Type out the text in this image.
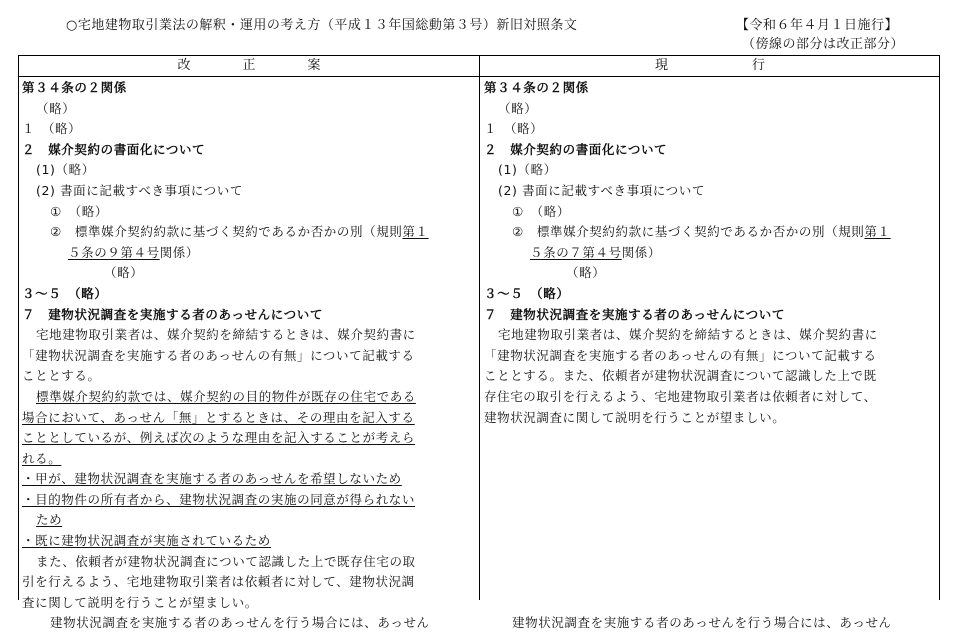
○宅地建物取引業法の解釈・運用の考え方（平成１３年国総動第３号）新旧対照条文	【令和６年４月１日施行】
（傍線の部分は改正部分）
改正案	現行
第３４条の２関係
（略）
１　（略）
２　媒介契約の書面化について
(1)（略）
(2) 書面に記載すべき事項について
①　（略）
②　標準媒介契約約款に基づく契約であるか否かの別（規則第１
５条の９第４号関係）
（略）
３～５　（略）
７　建物状況調査を実施する者のあっせんについて
宅地建物取引業者は、媒介契約を締結するときは、媒介契約書に
「建物状況調査を実施する者のあっせんの有無」について記載する
こととする。
標準媒介契約約款では、媒介契約の目的物件が既存の住宅である
場合において、あっせん「無」とするときは、その理由を記入する
こととしているが、例えば次のような理由を記入することが考えら
れる。
・甲が、建物状況調査を実施する者のあっせんを希望しないため
・目的物件の所有者から、建物状況調査の実施の同意が得られない
ため
・既に建物状況調査が実施されているため
また、依頼者が建物状況調査について認識した上で既存住宅の取
引を行えるよう、宅地建物取引業者は依頼者に対して、建物状況調
査に関して説明を行うことが望ましい。
建物状況調査を実施する者のあっせんを行う場合には、あっせん
第３４条の２関係
（略）
１　（略）
２　媒介契約の書面化について
(1)（略）
(2) 書面に記載すべき事項について
①　（略）
②　標準媒介契約約款に基づく契約であるか否かの別（規則第１
５条の７第４号関係）
（略）
３～５　（略）
７　建物状況調査を実施する者のあっせんについて
宅地建物取引業者は、媒介契約を締結するときは、媒介契約書に
「建物状況調査を実施する者のあっせんの有無」について記載する
こととする。また、依頼者が建物状況調査について認識した上で既
存住宅の取引を行えるよう、宅地建物取引業者は依頼者に対して、
建物状況調査に関して説明を行うことが望ましい。
建物状況調査を実施する者のあっせんを行う場合には、あっせん
